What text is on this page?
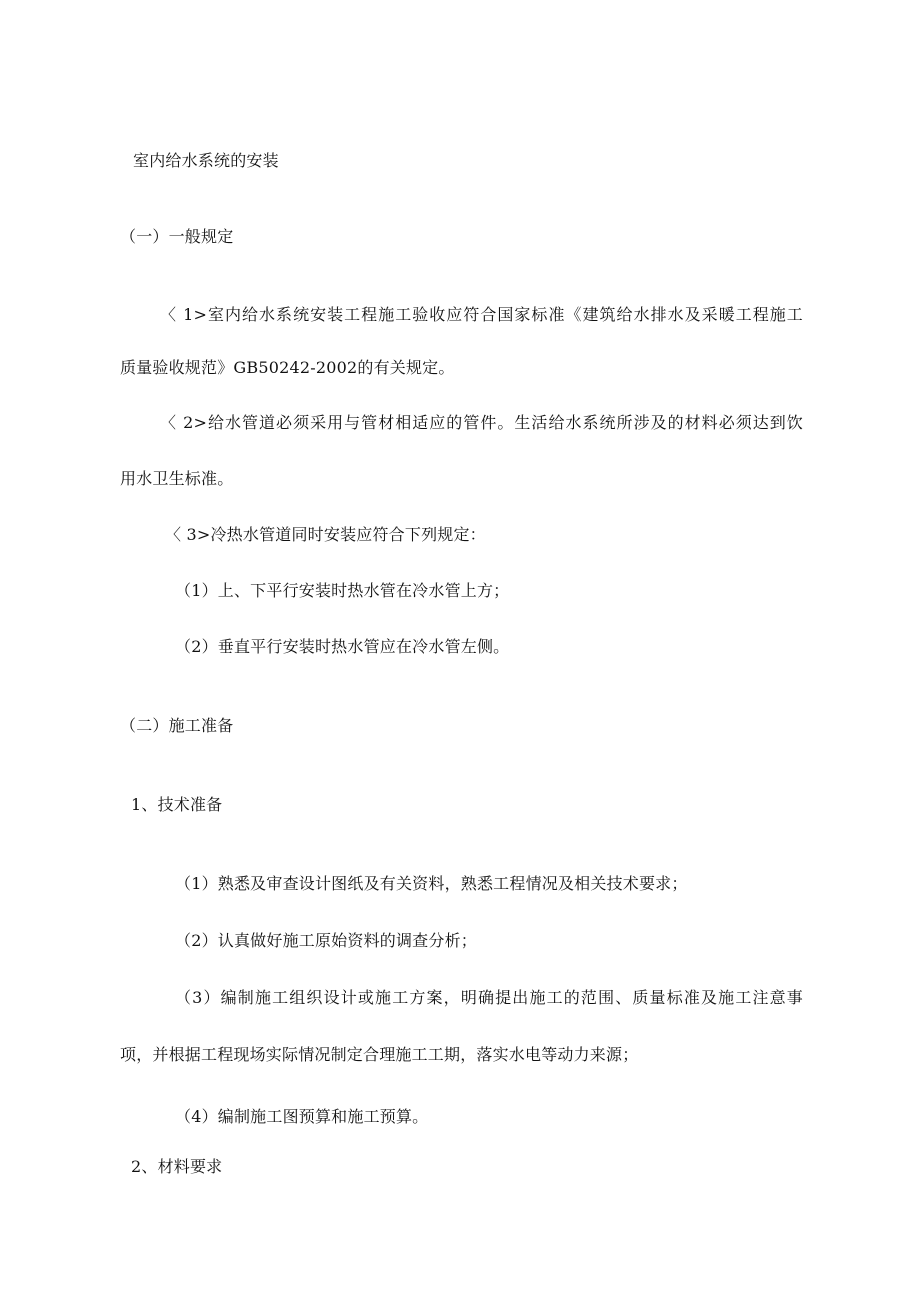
室内给水系统的安装
（一）一般规定
〈 1>室内给水系统安装工程施工验收应符合国家标准《建筑给水排水及采暖工程施工
质量验收规范》GB50242-2002的有关规定。
〈 2>给水管道必须采用与管材相适应的管件。生活给水系统所涉及的材料必须达到饮
用水卫生标准。
〈 3>冷热水管道同时安装应符合下列规定：
（1）上、下平行安装时热水管在冷水管上方；
（2）垂直平行安装时热水管应在冷水管左侧。
（二）施工准备
1、技术准备
（1）熟悉及审查设计图纸及有关资料，熟悉工程情况及相关技术要求；
（2）认真做好施工原始资料的调查分析；
（3）编制施工组织设计或施工方案，明确提出施工的范围、质量标准及施工注意事
项，并根据工程现场实际情况制定合理施工工期，落实水电等动力来源；
（4）编制施工图预算和施工预算。
2、材料要求
